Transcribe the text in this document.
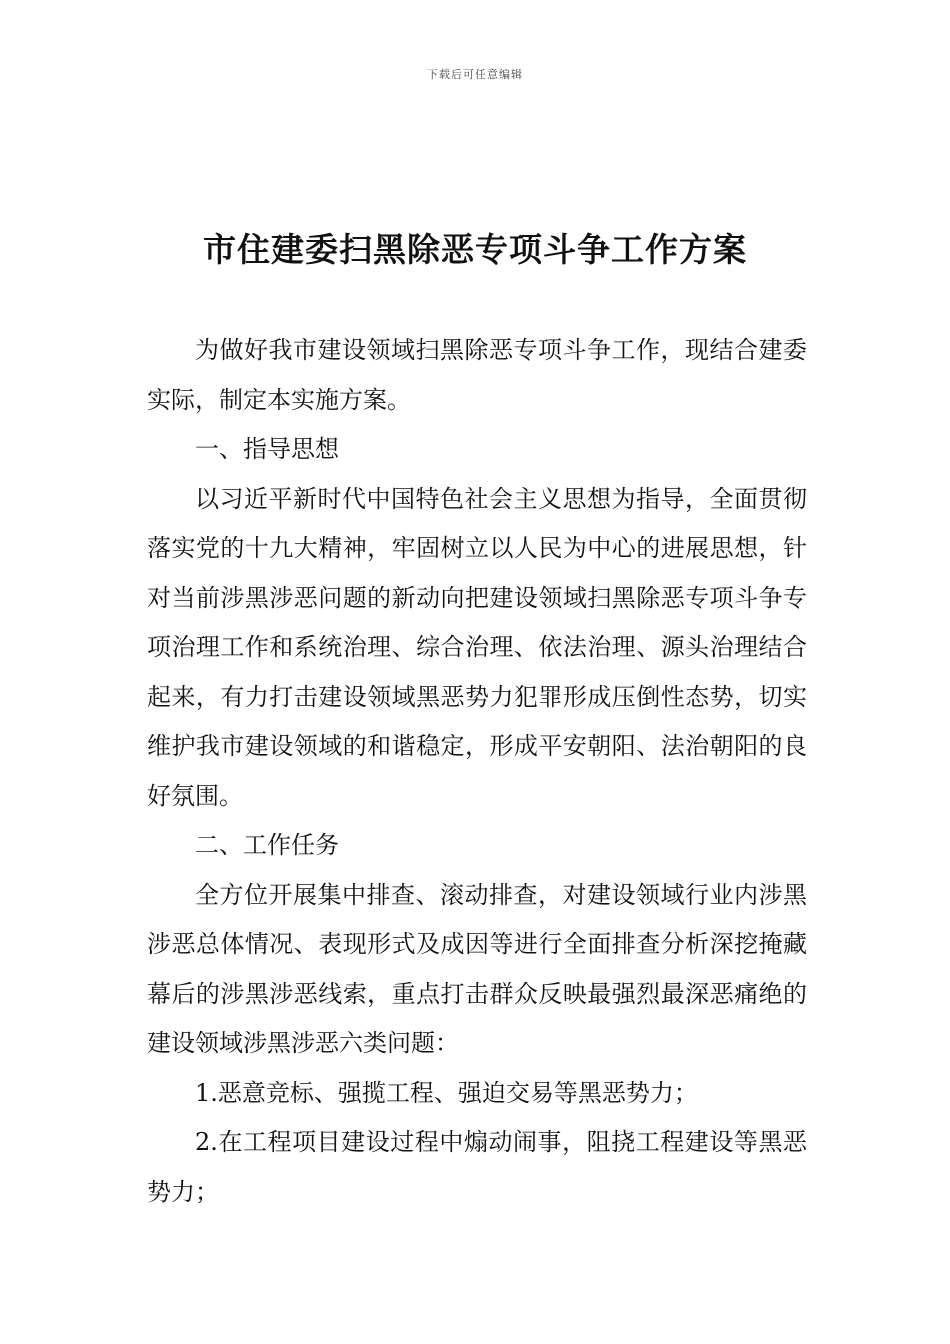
下载后可任意编辑
市住建委扫黑除恶专项斗争工作方案

为做好我市建设领域扫黑除恶专项斗争工作，现结合建委实际，制定本实施方案。

一、指导思想

以习近平新时代中国特色社会主义思想为指导，全面贯彻落实党的十九大精神，牢固树立以人民为中心的进展思想，针对当前涉黑涉恶问题的新动向把建设领域扫黑除恶专项斗争专项治理工作和系统治理、综合治理、依法治理、源头治理结合起来，有力打击建设领域黑恶势力犯罪形成压倒性态势，切实维护我市建设领域的和谐稳定，形成平安朝阳、法治朝阳的良好氛围。

二、工作任务

全方位开展集中排查、滚动排查，对建设领域行业内涉黑涉恶总体情况、表现形式及成因等进行全面排查分析深挖掩藏幕后的涉黑涉恶线索，重点打击群众反映最强烈最深恶痛绝的建设领域涉黑涉恶六类问题：

1.恶意竞标、强揽工程、强迫交易等黑恶势力；

2.在工程项目建设过程中煽动闹事，阻挠工程建设等黑恶势力；
